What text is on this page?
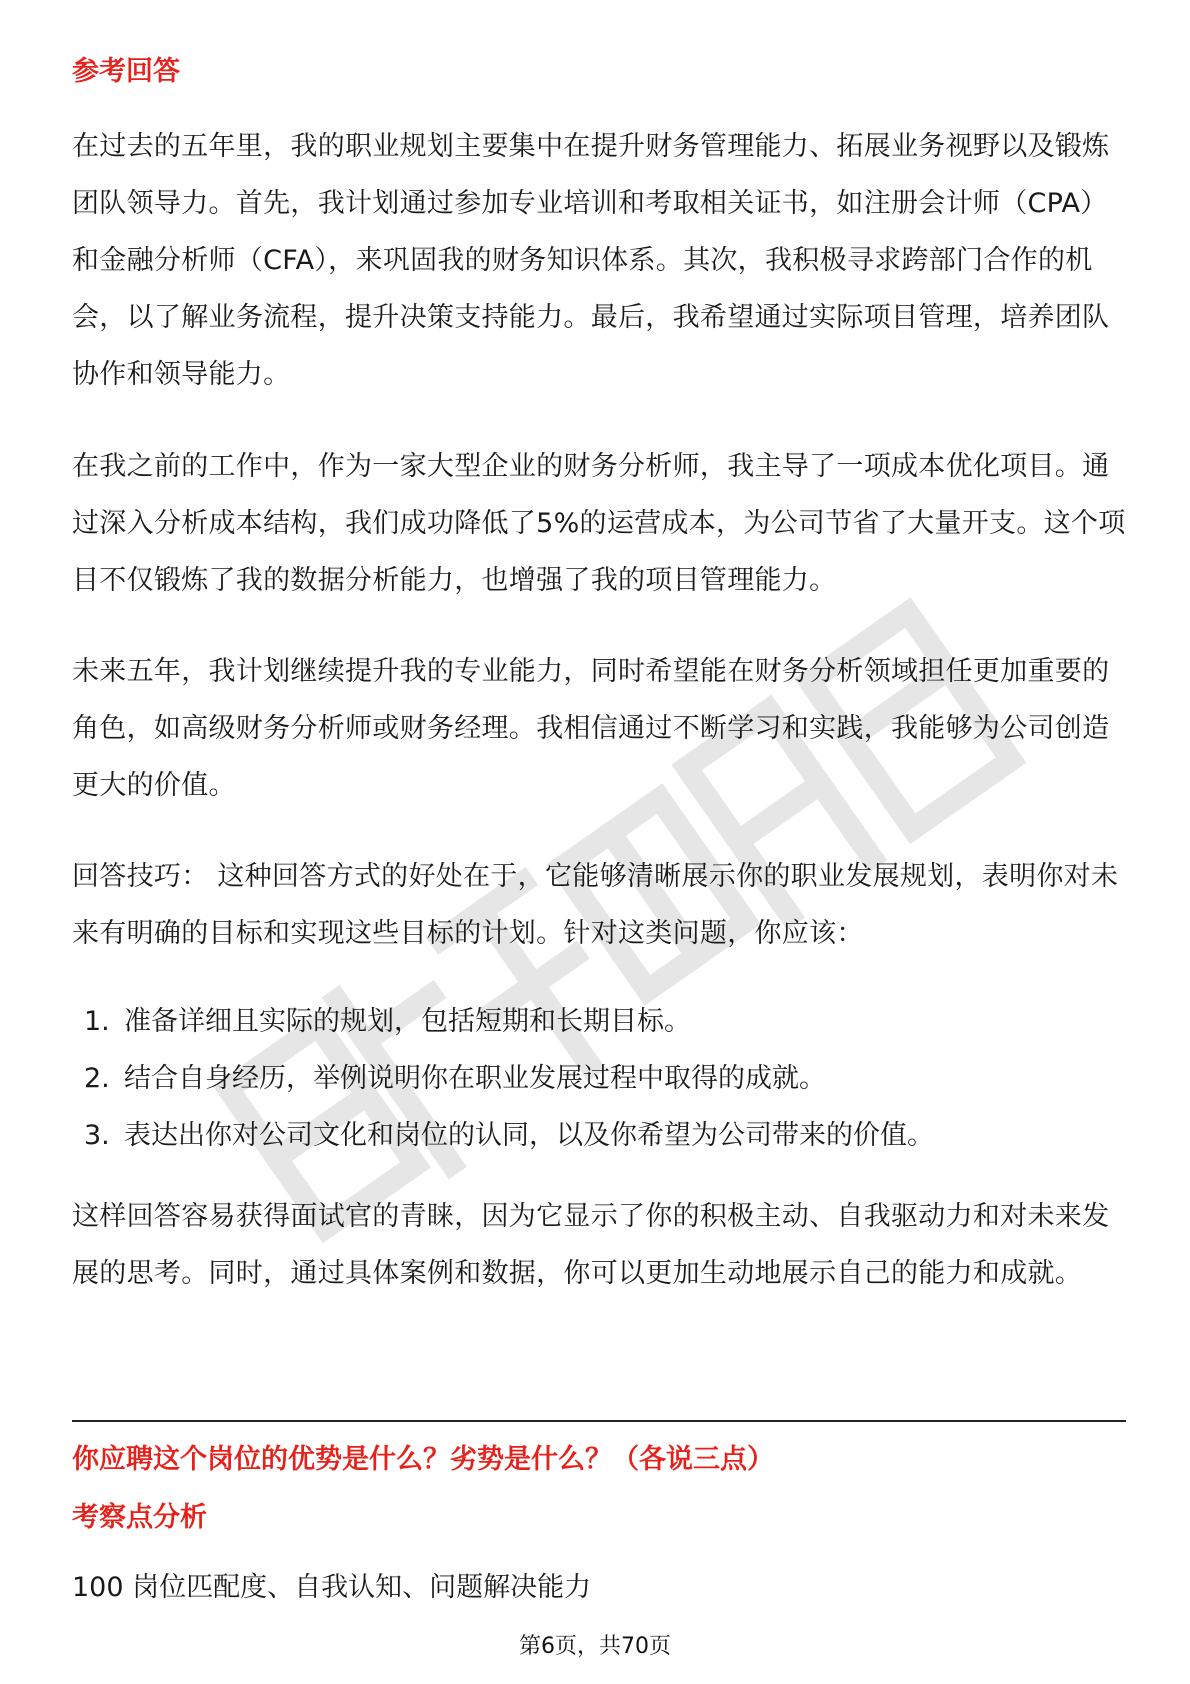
参考回答

在过去的五年里，我的职业规划主要集中在提升财务管理能力、拓展业务视野以及锻炼团队领导力。首先，我计划通过参加专业培训和考取相关证书，如注册会计师（CPA）和金融分析师（CFA），来巩固我的财务知识体系。其次，我积极寻求跨部门合作的机会，以了解业务流程，提升决策支持能力。最后，我希望通过实际项目管理，培养团队协作和领导能力。

在我之前的工作中，作为一家大型企业的财务分析师，我主导了一项成本优化项目。通过深入分析成本结构，我们成功降低了5%的运营成本，为公司节省了大量开支。这个项目不仅锻炼了我的数据分析能力，也增强了我的项目管理能力。

未来五年，我计划继续提升我的专业能力，同时希望能在财务分析领域担任更加重要的角色，如高级财务分析师或财务经理。我相信通过不断学习和实践，我能够为公司创造更大的价值。

回答技巧： 这种回答方式的好处在于，它能够清晰展示你的职业发展规划，表明你对未来有明确的目标和实现这些目标的计划。针对这类问题，你应该：

1. 准备详细且实际的规划，包括短期和长期目标。
2. 结合自身经历，举例说明你在职业发展过程中取得的成就。
3. 表达出你对公司文化和岗位的认同，以及你希望为公司带来的价值。

这样回答容易获得面试官的青睐，因为它显示了你的积极主动、自我驱动力和对未来发展的思考。同时，通过具体案例和数据，你可以更加生动地展示自己的能力和成就。

你应聘这个岗位的优势是什么？劣势是什么？（各说三点）
考察点分析

100 岗位匹配度、自我认知、问题解决能力

第6页，共70页
